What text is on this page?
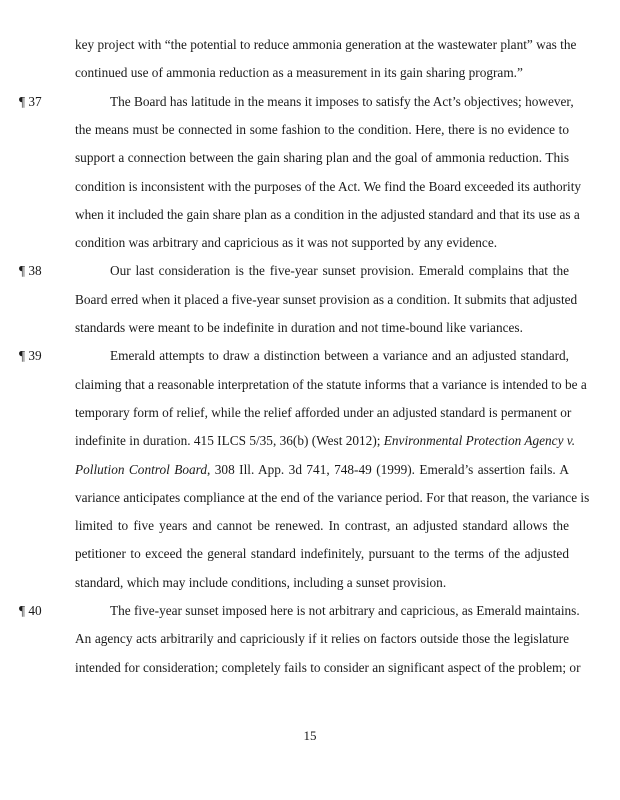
key project with “the potential to reduce ammonia generation at the wastewater plant” was the
continued use of ammonia reduction as a measurement in its gain sharing program.”
¶ 37	The Board has latitude in the means it imposes to satisfy the Act’s objectives; however,
the means must be connected in some fashion to the condition. Here, there is no evidence to
support a connection between the gain sharing plan and the goal of ammonia reduction. This
condition is inconsistent with the purposes of the Act. We find the Board exceeded its authority
when it included the gain share plan as a condition in the adjusted standard and that its use as a
condition was arbitrary and capricious as it was not supported by any evidence.
¶ 38	Our last consideration is the five-year sunset provision. Emerald complains that the
Board erred when it placed a five-year sunset provision as a condition. It submits that adjusted
standards were meant to be indefinite in duration and not time-bound like variances.
¶ 39	Emerald attempts to draw a distinction between a variance and an adjusted standard,
claiming that a reasonable interpretation of the statute informs that a variance is intended to be a
temporary form of relief, while the relief afforded under an adjusted standard is permanent or
indefinite in duration. 415 ILCS 5/35, 36(b) (West 2012); Environmental Protection Agency v.
Pollution Control Board, 308 Ill. App. 3d 741, 748-49 (1999). Emerald’s assertion fails. A
variance anticipates compliance at the end of the variance period. For that reason, the variance is
limited to five years and cannot be renewed. In contrast, an adjusted standard allows the
petitioner to exceed the general standard indefinitely, pursuant to the terms of the adjusted
standard, which may include conditions, including a sunset provision.
¶ 40	The five-year sunset imposed here is not arbitrary and capricious, as Emerald maintains.
An agency acts arbitrarily and capriciously if it relies on factors outside those the legislature
intended for consideration; completely fails to consider an significant aspect of the problem; or
15
